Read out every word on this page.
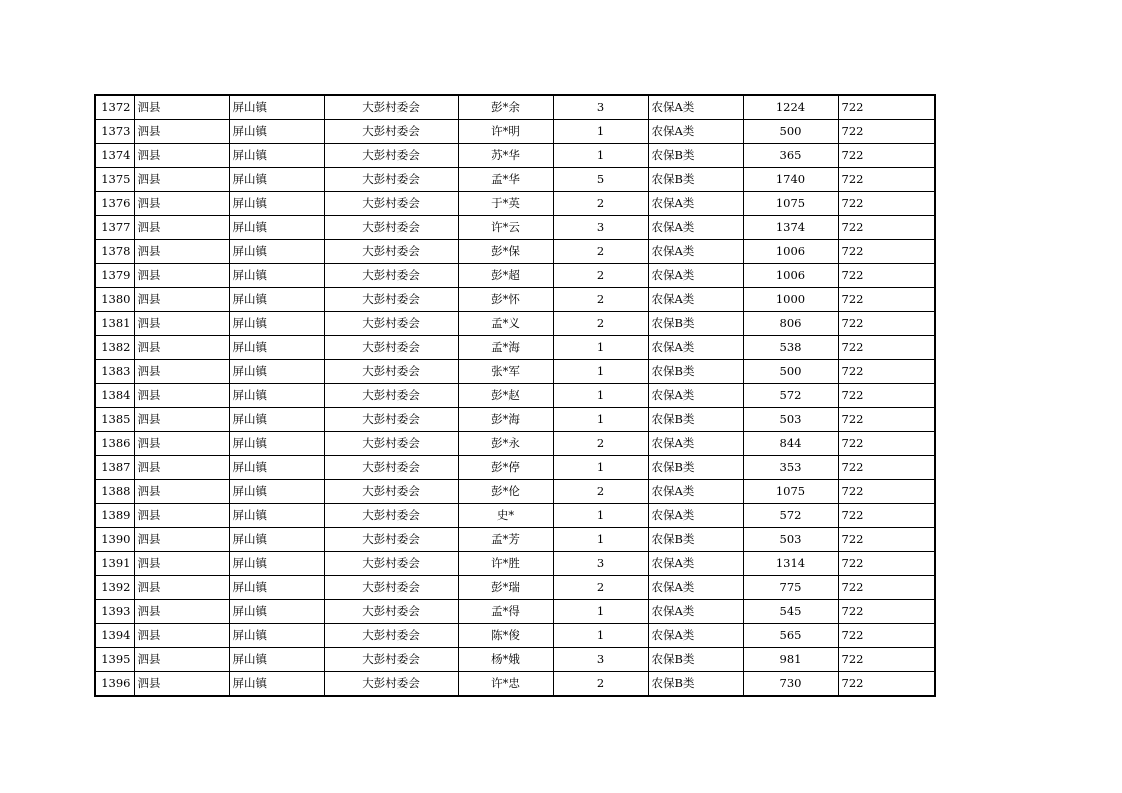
1372	泗县	屏山镇	大彭村委会	彭*余	3	农保A类	1224	722
1373	泗县	屏山镇	大彭村委会	许*明	1	农保A类	500	722
1374	泗县	屏山镇	大彭村委会	苏*华	1	农保B类	365	722
1375	泗县	屏山镇	大彭村委会	孟*华	5	农保B类	1740	722
1376	泗县	屏山镇	大彭村委会	于*英	2	农保A类	1075	722
1377	泗县	屏山镇	大彭村委会	许*云	3	农保A类	1374	722
1378	泗县	屏山镇	大彭村委会	彭*保	2	农保A类	1006	722
1379	泗县	屏山镇	大彭村委会	彭*超	2	农保A类	1006	722
1380	泗县	屏山镇	大彭村委会	彭*怀	2	农保A类	1000	722
1381	泗县	屏山镇	大彭村委会	孟*义	2	农保B类	806	722
1382	泗县	屏山镇	大彭村委会	孟*海	1	农保A类	538	722
1383	泗县	屏山镇	大彭村委会	张*军	1	农保B类	500	722
1384	泗县	屏山镇	大彭村委会	彭*赵	1	农保A类	572	722
1385	泗县	屏山镇	大彭村委会	彭*海	1	农保B类	503	722
1386	泗县	屏山镇	大彭村委会	彭*永	2	农保A类	844	722
1387	泗县	屏山镇	大彭村委会	彭*停	1	农保B类	353	722
1388	泗县	屏山镇	大彭村委会	彭*伦	2	农保A类	1075	722
1389	泗县	屏山镇	大彭村委会	史*	1	农保A类	572	722
1390	泗县	屏山镇	大彭村委会	孟*芳	1	农保B类	503	722
1391	泗县	屏山镇	大彭村委会	许*胜	3	农保A类	1314	722
1392	泗县	屏山镇	大彭村委会	彭*瑞	2	农保A类	775	722
1393	泗县	屏山镇	大彭村委会	孟*得	1	农保A类	545	722
1394	泗县	屏山镇	大彭村委会	陈*俊	1	农保A类	565	722
1395	泗县	屏山镇	大彭村委会	杨*娥	3	农保B类	981	722
1396	泗县	屏山镇	大彭村委会	许*忠	2	农保B类	730	722
